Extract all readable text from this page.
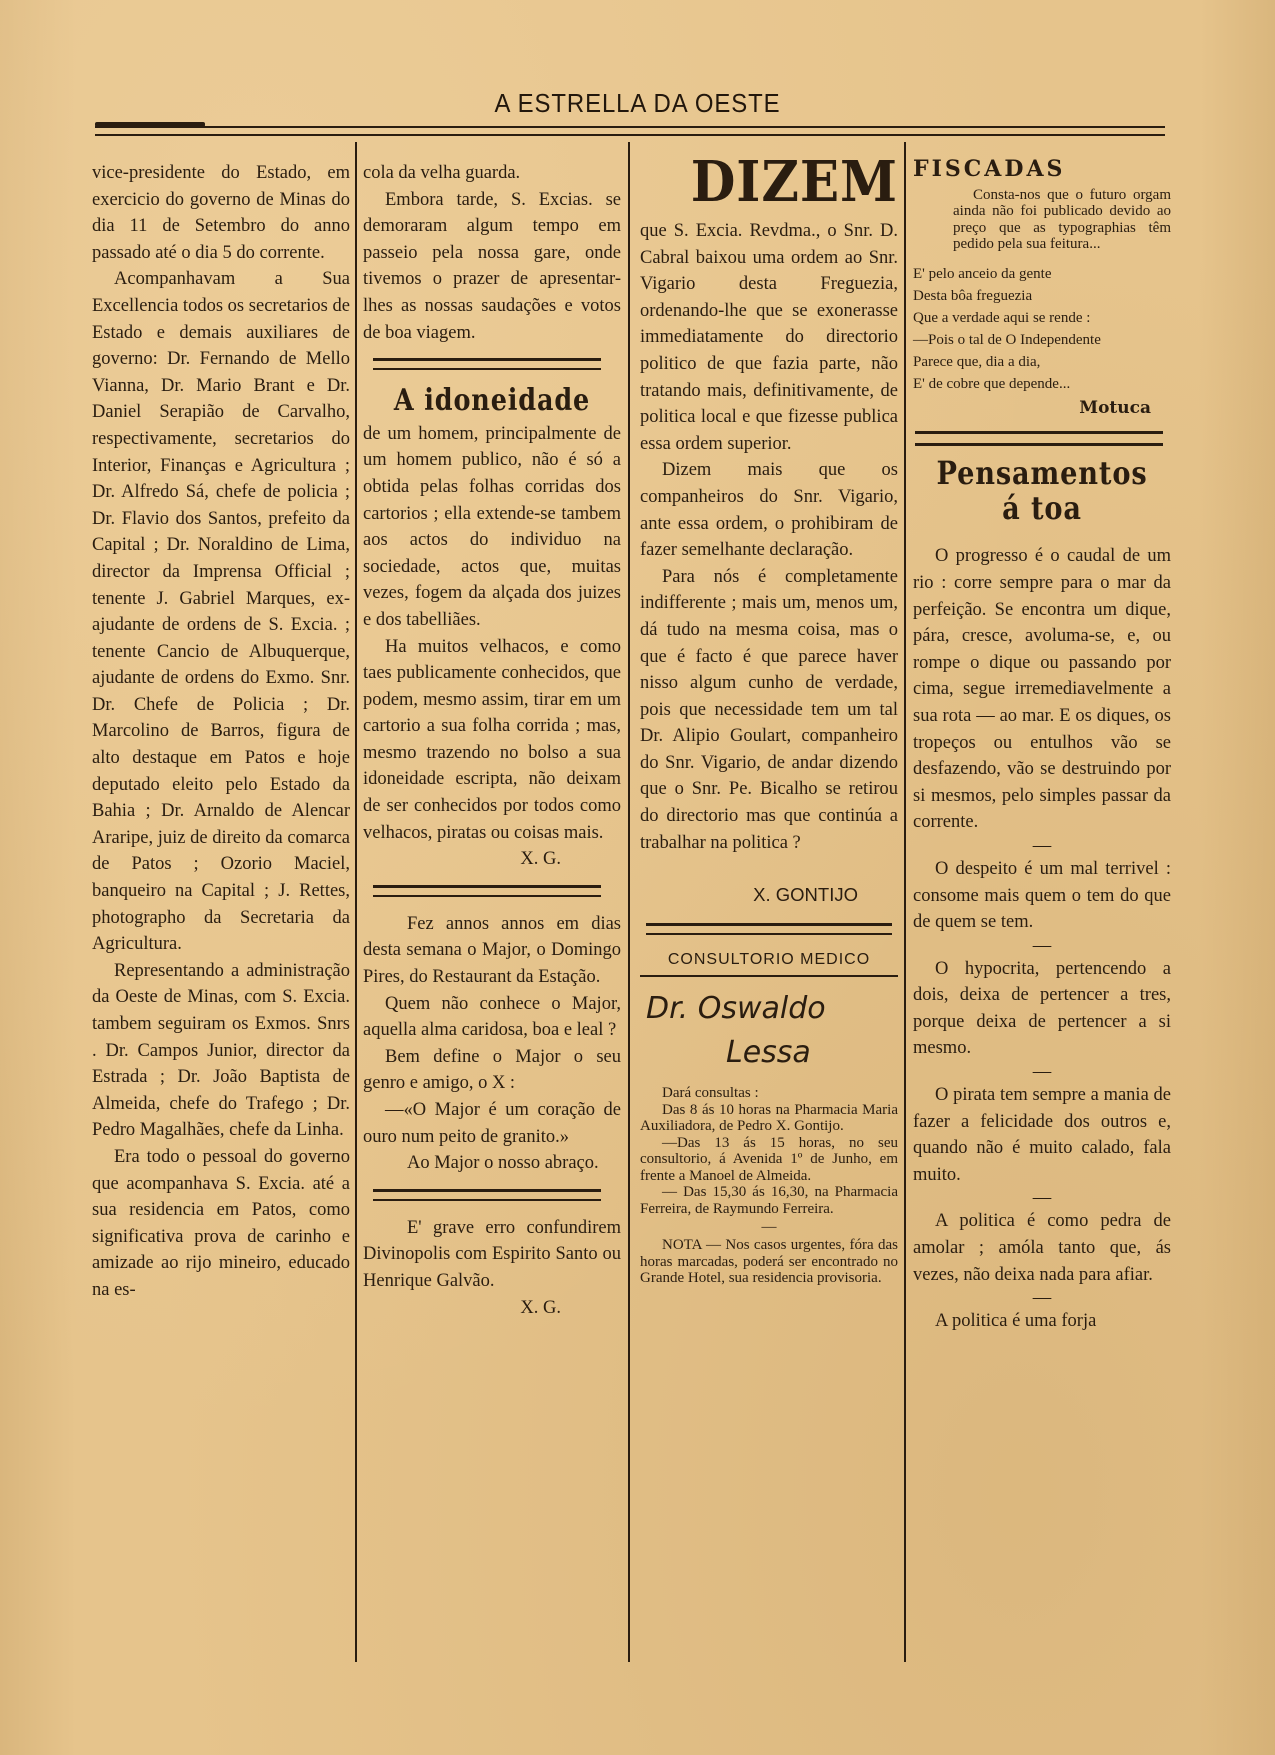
A ESTRELLA DA OESTE

vice-presidente do Estado, em exercicio do governo de Minas do dia 11 de Setembro do anno passado até o dia 5 do corrente.

Acompanhavam a Sua Excellencia todos os secretarios de Estado e demais auxiliares de governo: Dr. Fernando de Mello Vianna, Dr. Mario Brant e Dr. Daniel Serapião de Carvalho, respectivamente, secretarios do Interior, Finanças e Agricultura ; Dr. Alfredo Sá, chefe de policia ; Dr. Flavio dos Santos, prefeito da Capital ; Dr. Noraldino de Lima, director da Imprensa Official ; tenente J. Gabriel Marques, ex-ajudante de ordens de S. Excia. ; tenente Cancio de Albuquerque, ajudante de ordens do Exmo. Snr. Dr. Chefe de Policia ; Dr. Marcolino de Barros, figura de alto destaque em Patos e hoje deputado eleito pelo Estado da Bahia ; Dr. Arnaldo de Alencar Araripe, juiz de direito da comarca de Patos ; Ozorio Maciel, banqueiro na Capital ; J. Rettes, photographo da Secretaria da Agricultura.

Representando a administração da Oeste de Minas, com S. Excia. tambem seguiram os Exmos. Snrs . Dr. Campos Junior, director da Estrada ; Dr. João Baptista de Almeida, chefe do Trafego ; Dr. Pedro Magalhães, chefe da Linha.

Era todo o pessoal do governo que acompanhava S. Excia. até a sua residencia em Patos, como significativa prova de carinho e amizade ao rijo mineiro, educado na es-

cola da velha guarda.

Embora tarde, S. Excias. se demoraram algum tempo em passeio pela nossa gare, onde tivemos o prazer de apresentar-lhes as nossas saudações e votos de boa viagem.

A idoneidade

de um homem, principalmente de um homem publico, não é só a obtida pelas folhas corridas dos cartorios ; ella extende-se tambem aos actos do individuo na sociedade, actos que, muitas vezes, fogem da alçada dos juizes e dos tabelliães.

Ha muitos velhacos, e como taes publicamente conhecidos, que podem, mesmo assim, tirar em um cartorio a sua folha corrida ; mas, mesmo trazendo no bolso a sua idoneidade escripta, não deixam de ser conhecidos por todos como velhacos, piratas ou coisas mais.

X. G.

Fez annos annos em dias desta semana o Major, o Domingo Pires, do Restaurant da Estação.

Quem não conhece o Major, aquella alma caridosa, boa e leal ?

Bem define o Major o seu genro e amigo, o X :

—«O Major é um coração de ouro num peito de granito.»

Ao Major o nosso abraço.

E' grave erro confundirem Divinopolis com Espirito Santo ou Henrique Galvão.

X. G.

DIZEM

que S. Excia. Revdma., o Snr. D. Cabral baixou uma ordem ao Snr. Vigario desta Freguezia, ordenando-lhe que se exonerasse immediatamente do directorio politico de que fazia parte, não tratando mais, definitivamente, de politica local e que fizesse publica essa ordem superior.

Dizem mais que os companheiros do Snr. Vigario, ante essa ordem, o prohibiram de fazer semelhante declaração.

Para nós é completamente indifferente ; mais um, menos um, dá tudo na mesma coisa, mas o que é facto é que parece haver nisso algum cunho de verdade, pois que necessidade tem um tal Dr. Alipio Goulart, companheiro do Snr. Vigario, de andar dizendo que o Snr. Pe. Bicalho se retirou do directorio mas que continúa a trabalhar na politica ?

X. GONTIJO

CONSULTORIO MEDICO
Dr. Oswaldo
Lessa

Dará consultas :

Das 8 ás 10 horas na Pharmacia Maria Auxiliadora, de Pedro X. Gontijo.

—Das 13 ás 15 horas, no seu consultorio, á Avenida 1º de Junho, em frente a Manoel de Almeida.

— Das 15,30 ás 16,30, na Pharmacia Ferreira, de Raymundo Ferreira.

—

NOTA — Nos casos urgentes, fóra das horas marcadas, poderá ser encontrado no Grande Hotel, sua residencia provisoria.

FISCADAS

Consta-nos que o futuro orgam ainda não foi publicado devido ao preço que as typographias têm pedido pela sua feitura...

E' pelo anceio da gente
Desta bôa freguezia
Que a verdade aqui se rende :
—Pois o tal de O Independente
Parece que, dia a dia,
E' de cobre que depende...

Motuca

Pensamentos
á toa

O progresso é o caudal de um rio : corre sempre para o mar da perfeição. Se encontra um dique, pára, cresce, avoluma-se, e, ou rompe o dique ou passando por cima, segue irremediavelmente a sua rota — ao mar. E os diques, os tropeços ou entulhos vão se desfazendo, vão se destruindo por si mesmos, pelo simples passar da corrente.

—

O despeito é um mal terrivel : consome mais quem o tem do que de quem se tem.

—

O hypocrita, pertencendo a dois, deixa de pertencer a tres, porque deixa de pertencer a si mesmo.

—

O pirata tem sempre a mania de fazer a felicidade dos outros e, quando não é muito calado, fala muito.

—

A politica é como pedra de amolar ; amóla tanto que, ás vezes, não deixa nada para afiar.

—

A politica é uma forja
